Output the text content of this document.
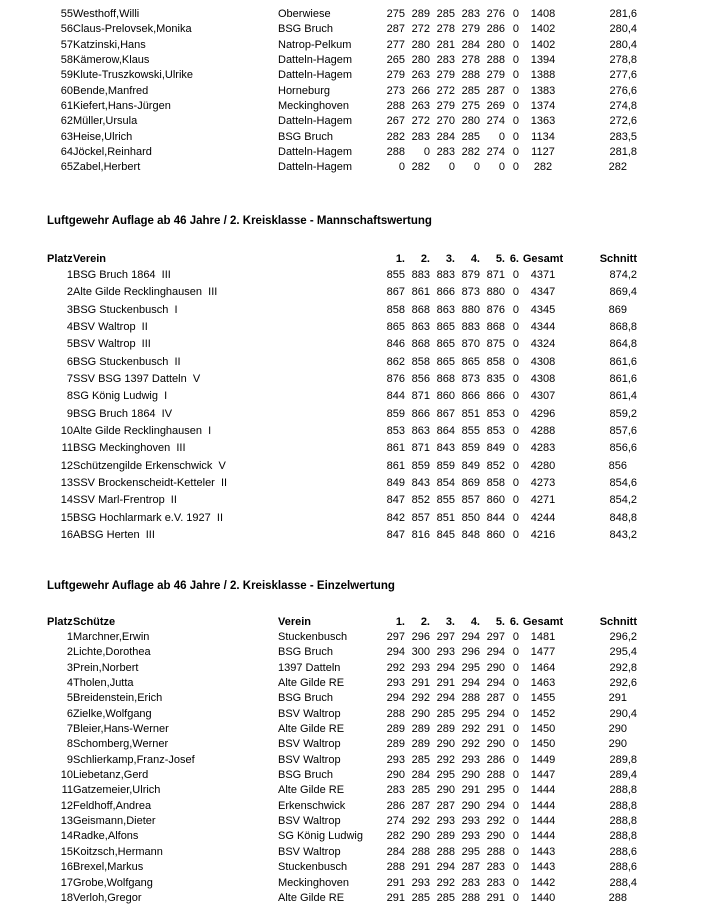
55	Westhoff,Willi	Oberwiese	275	289	285	283	276	0	1408	281,6
56	Claus-Prelovsek,Monika	BSG Bruch	287	272	278	279	286	0	1402	280,4
57	Katzinski,Hans	Natrop-Pelkum	277	280	281	284	280	0	1402	280,4
58	Kämerow,Klaus	Datteln-Hagem	265	280	283	278	288	0	1394	278,8
59	Klute-Truszkowski,Ulrike	Datteln-Hagem	279	263	279	288	279	0	1388	277,6
60	Bende,Manfred	Horneburg	273	266	272	285	287	0	1383	276,6
61	Kiefert,Hans-Jürgen	Meckinghoven	288	263	279	275	269	0	1374	274,8
62	Müller,Ursula	Datteln-Hagem	267	272	270	280	274	0	1363	272,6
63	Heise,Ulrich	BSG Bruch	282	283	284	285	0	0	1134	283,5
64	Jöckel,Reinhard	Datteln-Hagem	288	0	283	282	274	0	1127	281,8
65	Zabel,Herbert	Datteln-Hagem	0	282	0	0	0	0	282	282
Luftgewehr Auflage ab 46 Jahre / 2. Kreisklasse - Mannschaftswertung
Platz	Verein	1.	2.	3.	4.	5.	6.	Gesamt	Schnitt
1	BSG Bruch 1864  III	855	883	883	879	871	0	4371	874,2
2	Alte Gilde Recklinghausen  III	867	861	866	873	880	0	4347	869,4
3	BSG Stuckenbusch  I	858	868	863	880	876	0	4345	869
4	BSV Waltrop  II	865	863	865	883	868	0	4344	868,8
5	BSV Waltrop  III	846	868	865	870	875	0	4324	864,8
6	BSG Stuckenbusch  II	862	858	865	865	858	0	4308	861,6
7	SSV BSG 1397 Datteln  V	876	856	868	873	835	0	4308	861,6
8	SG König Ludwig  I	844	871	860	866	866	0	4307	861,4
9	BSG Bruch 1864  IV	859	866	867	851	853	0	4296	859,2
10	Alte Gilde Recklinghausen  I	853	863	864	855	853	0	4288	857,6
11	BSG Meckinghoven  III	861	871	843	859	849	0	4283	856,6
12	Schützengilde Erkenschwick  V	861	859	859	849	852	0	4280	856
13	SSV Brockenscheidt-Ketteler  II	849	843	854	869	858	0	4273	854,6
14	SSV Marl-Frentrop  II	847	852	855	857	860	0	4271	854,2
15	BSG Hochlarmark e.V. 1927  II	842	857	851	850	844	0	4244	848,8
16	ABSG Herten  III	847	816	845	848	860	0	4216	843,2
Luftgewehr Auflage ab 46 Jahre / 2. Kreisklasse - Einzelwertung
Platz	Schütze	Verein	1.	2.	3.	4.	5.	6.	Gesamt	Schnitt
1	Marchner,Erwin	Stuckenbusch	297	296	297	294	297	0	1481	296,2
2	Lichte,Dorothea	BSG Bruch	294	300	293	296	294	0	1477	295,4
3	Prein,Norbert	1397 Datteln	292	293	294	295	290	0	1464	292,8
4	Tholen,Jutta	Alte Gilde RE	293	291	291	294	294	0	1463	292,6
5	Breidenstein,Erich	BSG Bruch	294	292	294	288	287	0	1455	291
6	Zielke,Wolfgang	BSV Waltrop	288	290	285	295	294	0	1452	290,4
7	Bleier,Hans-Werner	Alte Gilde RE	289	289	289	292	291	0	1450	290
8	Schomberg,Werner	BSV Waltrop	289	289	290	292	290	0	1450	290
9	Schlierkamp,Franz-Josef	BSV Waltrop	293	285	292	293	286	0	1449	289,8
10	Liebetanz,Gerd	BSG Bruch	290	284	295	290	288	0	1447	289,4
11	Gatzemeier,Ulrich	Alte Gilde RE	283	285	290	291	295	0	1444	288,8
12	Feldhoff,Andrea	Erkenschwick	286	287	287	290	294	0	1444	288,8
13	Geismann,Dieter	BSV Waltrop	274	292	293	293	292	0	1444	288,8
14	Radke,Alfons	SG König Ludwig	282	290	289	293	290	0	1444	288,8
15	Koitzsch,Hermann	BSV Waltrop	284	288	288	295	288	0	1443	288,6
16	Brexel,Markus	Stuckenbusch	288	291	294	287	283	0	1443	288,6
17	Grobe,Wolfgang	Meckinghoven	291	293	292	283	283	0	1442	288,4
18	Verloh,Gregor	Alte Gilde RE	291	285	285	288	291	0	1440	288
